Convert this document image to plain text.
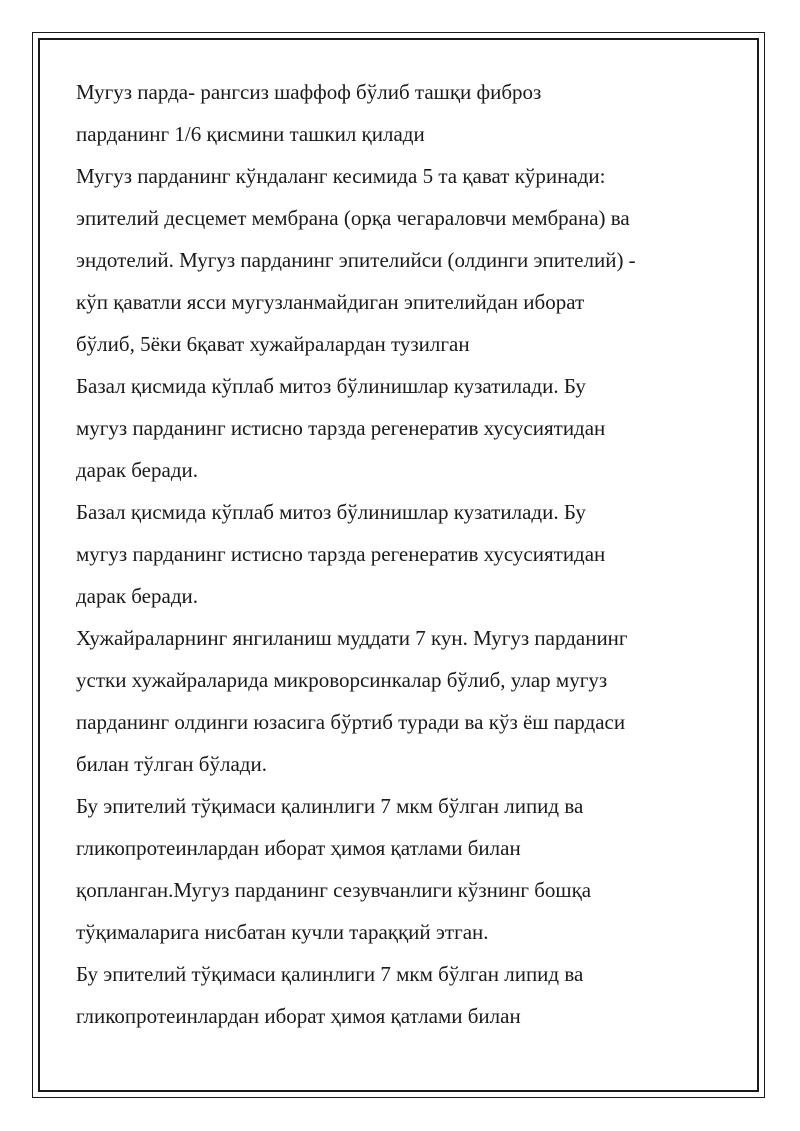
Мугуз парда- рангсиз шаффоф бўлиб ташқи фиброз
парданинг 1/6 қисмини ташкил қилади
Мугуз парданинг кўндаланг кесимида 5 та қават кўринади:
эпителий десцемет мембрана (орқа чегараловчи мембрана) ва
эндотелий. Мугуз парданинг эпителийси (олдинги эпителий) -
кўп қаватли ясси мугузланмайдиган эпителийдан иборат
бўлиб, 5ёки 6қават хужайралардан тузилган
Базал қисмида кўплаб митоз бўлинишлар кузатилади. Бу
мугуз парданинг истисно тарзда регенератив хусусиятидан
дарак беради.
Базал қисмида кўплаб митоз бўлинишлар кузатилади. Бу
мугуз парданинг истисно тарзда регенератив хусусиятидан
дарак беради.
Хужайраларнинг янгиланиш муддати 7 кун. Мугуз парданинг
устки хужайраларида микроворсинкалар бўлиб, улар мугуз
парданинг олдинги юзасига бўртиб туради ва кўз ёш пардаси
билан тўлган бўлади.
Бу эпителий тўқимаси қалинлиги 7 мкм бўлган липид ва
гликопротеинлардан иборат ҳимоя қатлами билан
қопланган.Мугуз парданинг сезувчанлиги кўзнинг бошқа
тўқималарига нисбатан кучли тараққий этган.
Бу эпителий тўқимаси қалинлиги 7 мкм бўлган липид ва
гликопротеинлардан иборат ҳимоя қатлами билан
